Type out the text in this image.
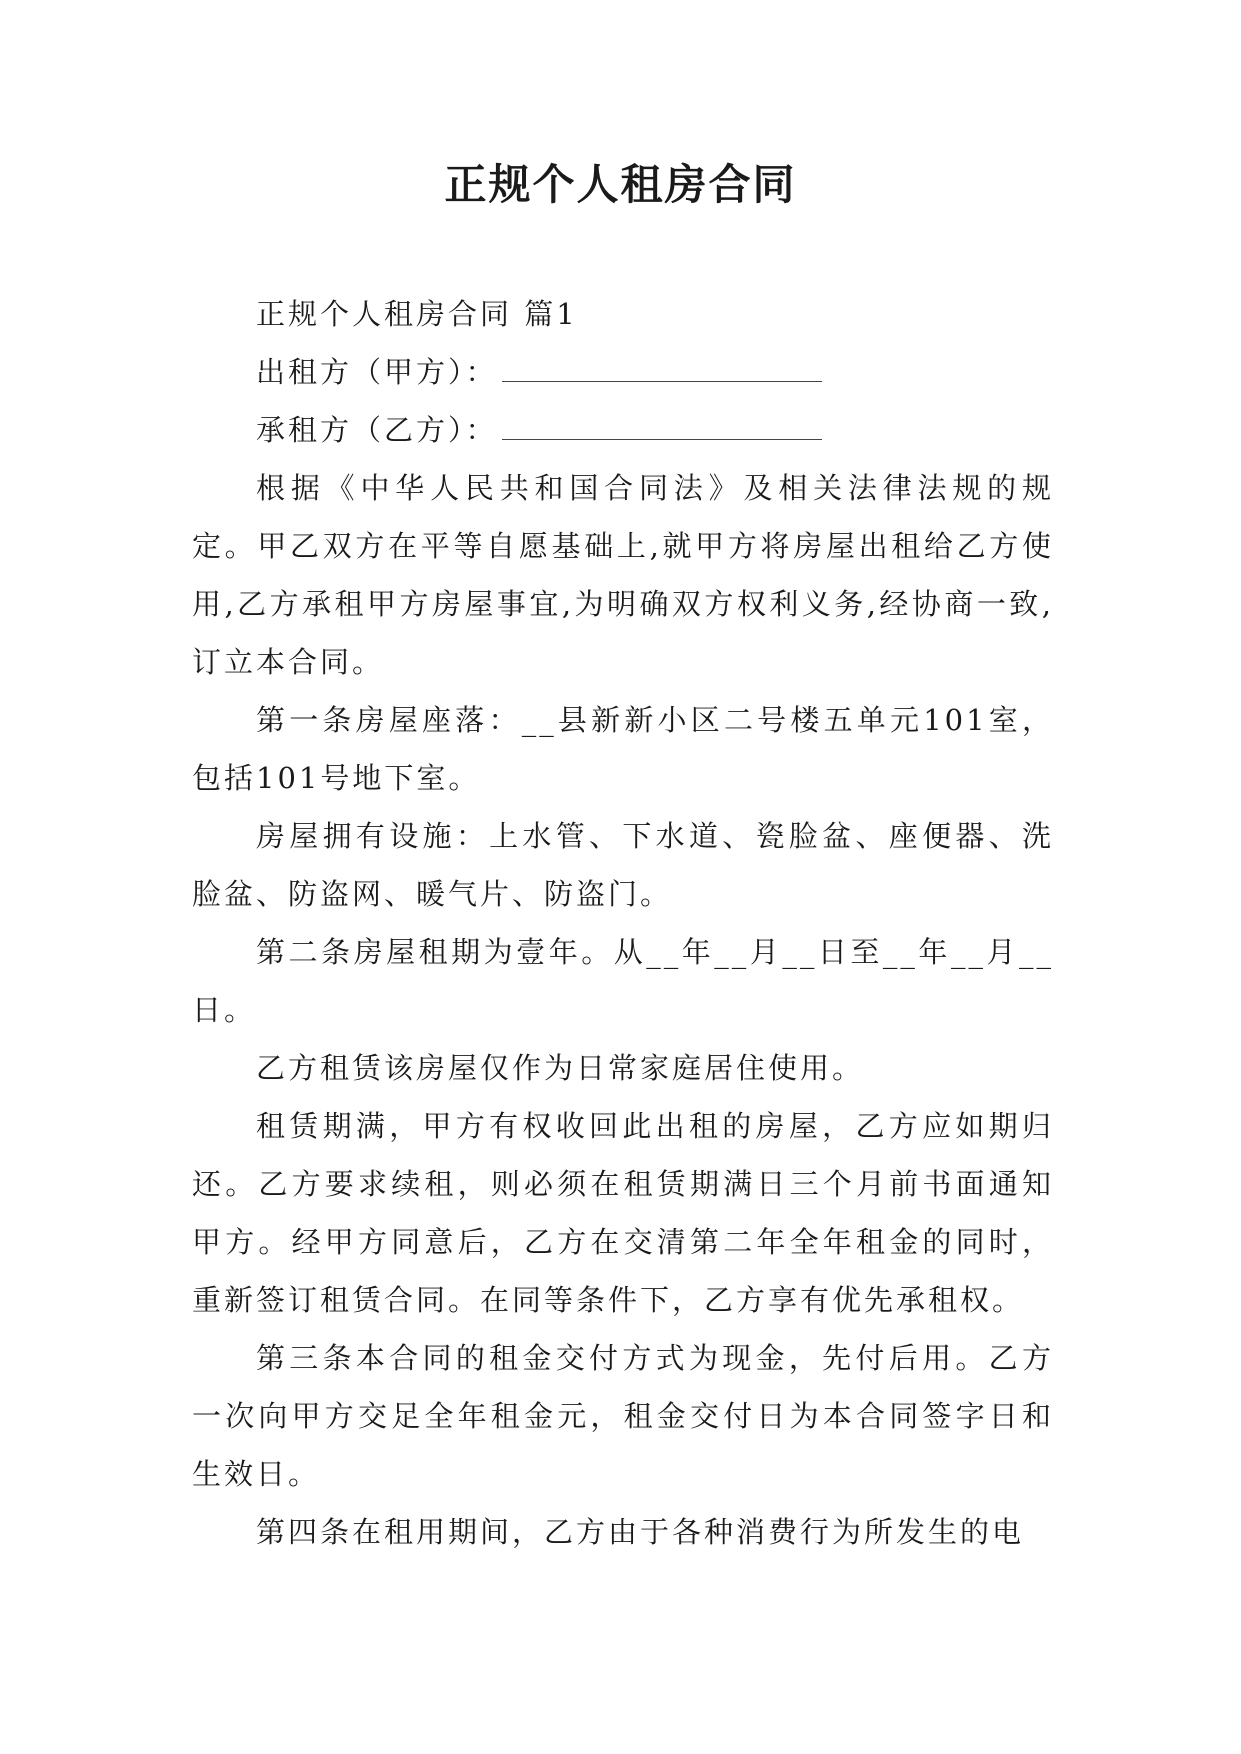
正规个人租房合同

正规个人租房合同 篇1

出租方（甲方）：

承租方（乙方）：

根据《中华人民共和国合同法》及相关法律法规的规定。甲乙双方在平等自愿基础上,就甲方将房屋出租给乙方使用,乙方承租甲方房屋事宜,为明确双方权利义务,经协商一致,订立本合同。

第一条房屋座落：__县新新小区二号楼五单元101室，包括101号地下室。

房屋拥有设施：上水管、下水道、瓷脸盆、座便器、洗脸盆、防盗网、暖气片、防盗门。

第二条房屋租期为壹年。从__年__月__日至__年__月__日。

乙方租赁该房屋仅作为日常家庭居住使用。

租赁期满，甲方有权收回此出租的房屋，乙方应如期归还。乙方要求续租，则必须在租赁期满日三个月前书面通知甲方。经甲方同意后，乙方在交清第二年全年租金的同时，重新签订租赁合同。在同等条件下，乙方享有优先承租权。

第三条本合同的租金交付方式为现金，先付后用。乙方一次向甲方交足全年租金元，租金交付日为本合同签字日和生效日。

第四条在租用期间，乙方由于各种消费行为所发生的电
